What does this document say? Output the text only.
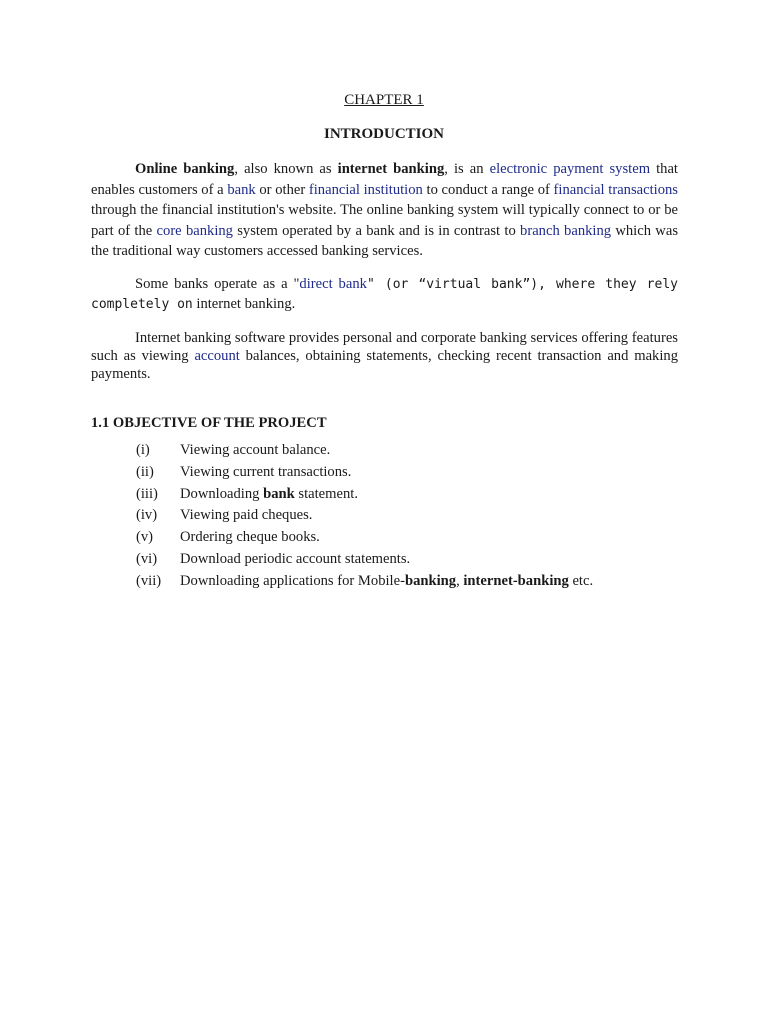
CHAPTER 1
INTRODUCTION

Online banking, also known as internet banking, is an electronic payment system that enables customers of a bank or other financial institution to conduct a range of financial transactions through the financial institution's website. The online banking system will typically connect to or be part of the core banking system operated by a bank and is in contrast to branch banking which was the traditional way customers accessed banking services.

Some banks operate as a "direct bank" (or “virtual bank”), where they rely completely on internet banking.

Internet banking software provides personal and corporate banking services offering features such as viewing account balances, obtaining statements, checking recent transaction and making payments.

1.1 OBJECTIVE OF THE PROJECT
(i)	Viewing account balance.
(ii)	Viewing current transactions.
(iii)	Downloading bank statement.
(iv)	Viewing paid cheques.
(v)	Ordering cheque books.
(vi)	Download periodic account statements.
(vii)	Downloading applications for Mobile-banking, internet-banking etc.
